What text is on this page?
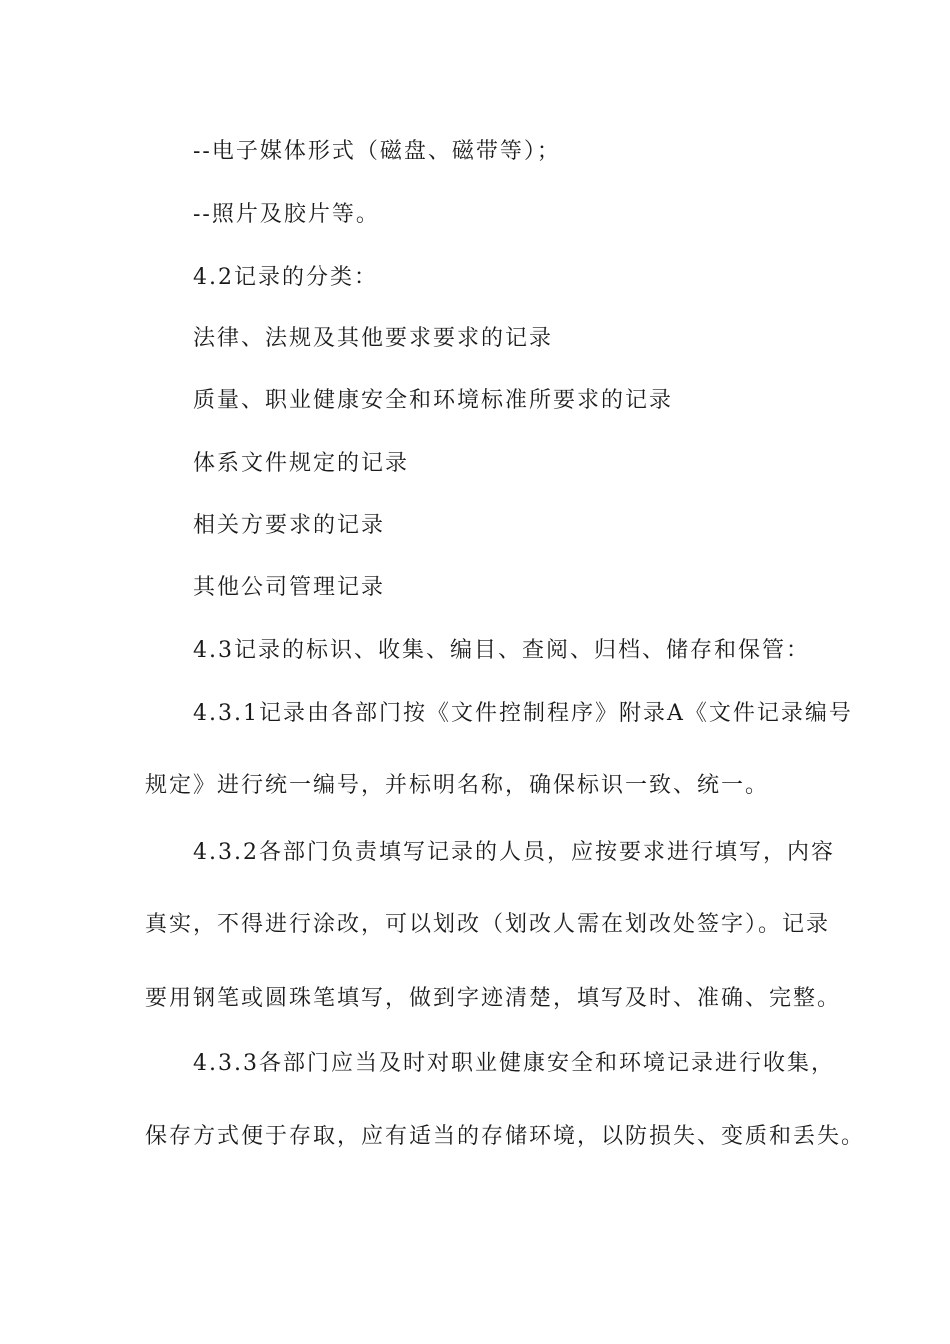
--电子媒体形式（磁盘、磁带等）；
--照片及胶片等。
4.2记录的分类：
法律、法规及其他要求要求的记录
质量、职业健康安全和环境标准所要求的记录
体系文件规定的记录
相关方要求的记录
其他公司管理记录
4.3记录的标识、收集、编目、查阅、归档、储存和保管：
4.3.1记录由各部门按《文件控制程序》附录A《文件记录编号
规定》进行统一编号，并标明名称，确保标识一致、统一。
4.3.2各部门负责填写记录的人员，应按要求进行填写，内容
真实，不得进行涂改，可以划改（划改人需在划改处签字）。记录
要用钢笔或圆珠笔填写，做到字迹清楚，填写及时、准确、完整。
4.3.3各部门应当及时对职业健康安全和环境记录进行收集，
保存方式便于存取，应有适当的存储环境，以防损失、变质和丢失。
